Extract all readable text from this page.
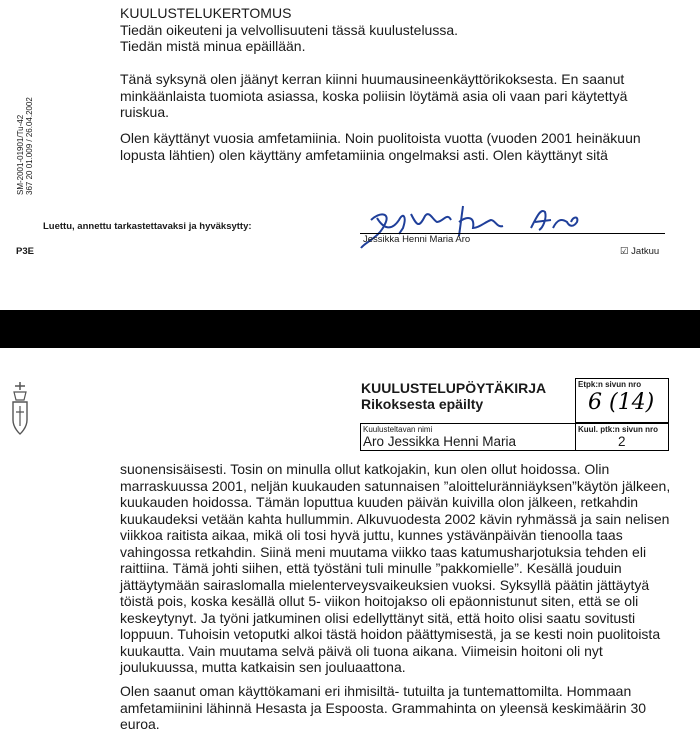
KUULUSTELUKERTOMUS
Tiedän oikeuteni ja velvollisuuteni tässä kuulustelussa.
Tiedän mistä minua epäillään.
Tänä syksynä olen jäänyt kerran kiinni huumausineenkäyttörikoksesta. En saanut
minkäänlaista tuomiota asiassa, koska poliisin löytämä asia oli vaan pari käytettyä
ruiskua.
Olen käyttänyt vuosia amfetamiinia. Noin puolitoista vuotta (vuoden 2001 heinäkuun
lopusta lähtien) olen käyttäny amfetamiinia ongelmaksi asti. Olen käyttänyt sitä
SM-2001-01901/Tu-42
367 20 01.009 / 26.04.2002
Luettu, annettu tarkastettavaksi ja hyväksytty:
Jessikka Henni Maria Aro
P3E	☑ Jatkuu
KUULUSTELUPÖYTÄKIRJA
Rikoksesta epäilty
Etpk:n sivun nro
6 (14)
Kuulusteltavan nimi
Aro Jessikka Henni Maria
Kuul. ptk:n sivun nro
2
suonensisäisesti. Tosin on minulla ollut katkojakin, kun olen ollut hoidossa. Olin
marraskuussa 2001, neljän kuukauden satunnaisen ”aloitteluränniäyksen”käytön jälkeen,
kuukauden hoidossa. Tämän loputtua kuuden päivän kuivilla olon jälkeen, retkahdin
kuukaudeksi vetään kahta hullummin. Alkuvuodesta 2002 kävin ryhmässä ja sain nelisen
viikkoa raitista aikaa, mikä oli tosi hyvä juttu, kunnes ystävänpäivän tienoolla taas
vahingossa retkahdin. Siinä meni muutama viikko taas katumusharjotuksia tehden eli
raittiina. Tämä johti siihen, että työstäni tuli minulle ”pakkomielle”. Kesällä jouduin
jättäytymään sairaslomalla mielenterveysvaikeuksien vuoksi. Syksyllä päätin jättäytyä
töistä pois, koska kesällä ollut 5- viikon hoitojakso oli epäonnistunut siten, että se oli
keskeytynyt. Ja työni jatkuminen olisi edellyttänyt sitä, että hoito olisi saatu sovitusti
loppuun. Tuhoisin vetoputki alkoi tästä hoidon päättymisestä, ja se kesti noin puolitoista
kuukautta. Vain muutama selvä päivä oli tuona aikana. Viimeisin hoitoni oli nyt
joulukuussa, mutta katkaisin sen jouluaattona.
Olen saanut oman käyttökamani eri ihmisiltä- tutuilta ja tuntemattomilta. Hommaan
amfetamiinini lähinnä Hesasta ja Espoosta. Grammahinta on yleensä keskimäärin 30
euroa.
